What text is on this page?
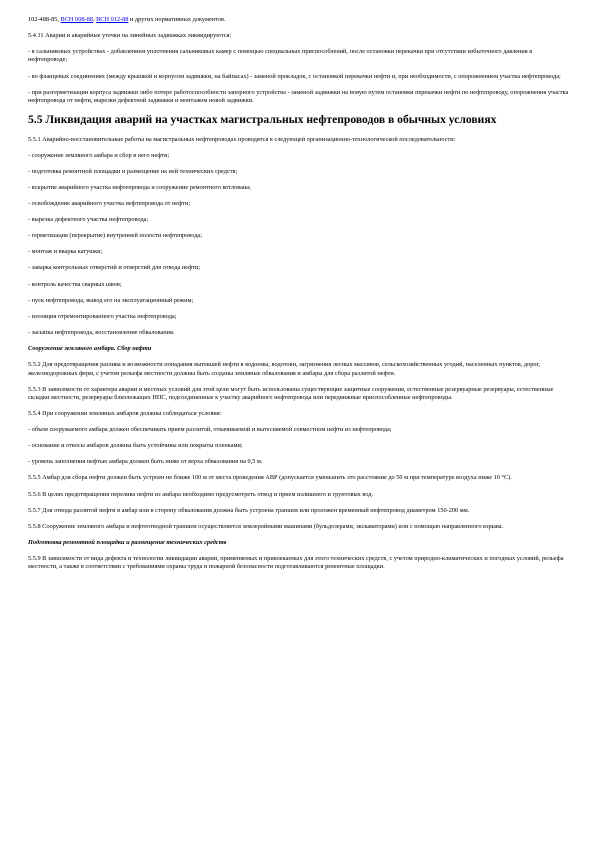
102-488-85, ВСН 008-88, ВСН 012-88 и других нормативных документов.
5.4.11 Аварии и аварийные утечки на линейных задвижках ликвидируются:
- в сальниковых устройствах - добавлением уплотнения сальниковых камер с помощью специальных приспособлений, после остановки перекачки при отсутствии избыточного давления в нефтепроводе;
- во фланцевых соединениях (между крышкой и корпусом задвижки, на байпасах) - заменой прокладок, с остановкой перекачки нефти и, при необходимости, с опорожнением участка нефтепровода;
- при разгерметизации корпуса задвижки либо потере работоспособности запорного устройства - заменой задвижки на новую путем остановки перекачки нефти по нефтепроводу, опорожнения участка нефтепровода от нефти, вырезки дефектной задвижки и монтажом новой задвижки.
5.5 Ликвидация аварий на участках магистральных нефтепроводов в обычных условиях
5.5.1 Аварийно-восстановительные работы на магистральных нефтепроводах проводятся в следующей организационно-технологической последовательности:
- сооружение земляного амбара и сбор в него нефти;
- подготовка ремонтной площадки и размещение на ней технических средств;
- вскрытие аварийного участка нефтепровода и сооружение ремонтного котлована;
- освобождение аварийного участка нефтепровода от нефти;
- вырезка дефектного участка нефтепровода;
- герметизация (перекрытие) внутренней полости нефтепровода;
- монтаж и вварка катушки;
- заварка контрольных отверстий и отверстий для отвода нефти;
- контроль качества сварных швов;
- пуск нефтепровода, вывод его на эксплуатационный режим;
- изоляция отремонтированного участка нефтепровода;
- засыпка нефтепровода, восстановление обвалования.
Сооружение земляного амбара. Сбор нефти
5.5.2 Для предотвращения разлива и возможности попадания вытекшей нефти в водоемы, водотоки, загрязнения лесных массивов, сельскохозяйственных угодий, населенных пунктов, дорог, железнодорожных ферм, с учетом рельефа местности должны быть созданы земляные обвалования и амбары для сбора разлитой нефти.
5.5.3 В зависимости от характера аварии и местных условий для этой цели могут быть использованы существующие защитные сооружения, естественные резервуарные резервуары, естественные складки местности, резервуары близлежащих НПС, подсоединенные к участку аварийного нефтепровода или передвижные приспособленные нефтепроводы.
5.5.4 При сооружении земляных амбаров должны соблюдаться условия:
- объем сооружаемого амбара должен обеспечивать прием разлитой, откачиваемой и вытесняемой совместном нефти из нефтепровода;
- основание и откосы амбаров должны быть устойчивы или покрыты пленками;
- уровень заполнения нефтью амбара должен быть ниже от верха обвалования на 0,5 м.
5.5.5 Амбар для сбора нефти должен быть устроен не ближе 100 м от места проведения АВР (допускается уменьшить это расстояние до 50 м при температуре воздуха ниже 10 °C).
5.5.6 В целях предотвращения перелива нефти из амбара необходимо предусмотреть отвод и прием излишнего и грунтовых вод.
5.5.7 Для отвода разлитой нефти в амбар или в сторону обвалования должна быть устроена траншея или проложен временный нефтепровод диаметром 150-200 мм.
5.5.8 Сооружение земляного амбара и нефтеотводной траншеи осуществляется землеройными машинами (бульдозерами, экскаваторами) или с помощью направленного взрыва.
Подготовка ремонтной площадки и размещение технических средств
5.5.9 В зависимости от вида дефекта и технологии ликвидации аварии, применяемых и привлекаемых для этого технических средств, с учетом природно-климатических и погодных условий, рельефа местности, а также в соответствии с требованиями охраны труда и пожарной безопасности подготавливаются ремонтные площадки.
